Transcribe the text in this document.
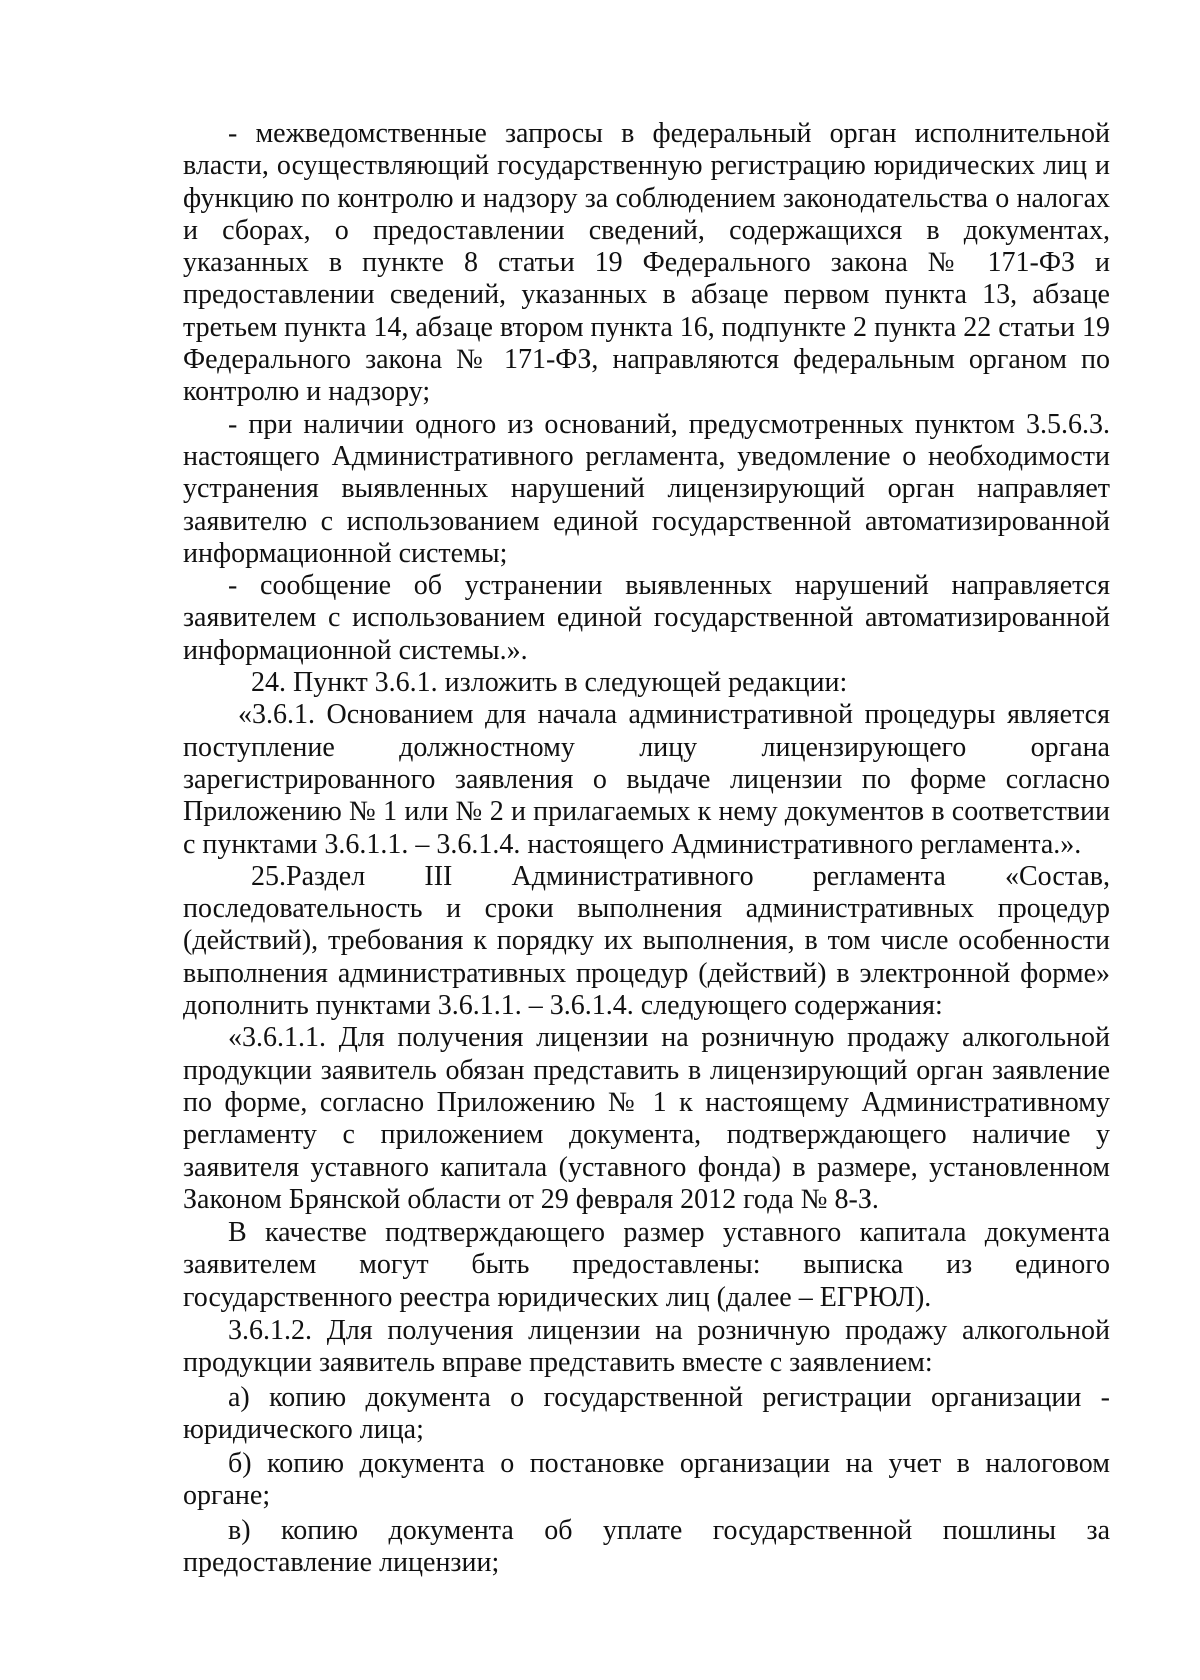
- межведомственные запросы в федеральный орган исполнительной власти, осуществляющий государственную регистрацию юридических лиц и функцию по контролю и надзору за соблюдением законодательства о налогах и сборах, о предоставлении сведений, содержащихся в документах, указанных в пункте 8 статьи 19 Федерального закона № 171-ФЗ и предоставлении сведений, указанных в абзаце первом пункта 13, абзаце третьем пункта 14, абзаце втором пункта 16, подпункте 2 пункта 22 статьи 19 Федерального закона № 171-ФЗ, направляются федеральным органом по контролю и надзору;

- при наличии одного из оснований, предусмотренных пунктом 3.5.6.3. настоящего Административного регламента, уведомление о необходимости устранения выявленных нарушений лицензирующий орган направляет заявителю с использованием единой государственной автоматизированной информационной системы;

- сообщение об устранении выявленных нарушений направляется заявителем с использованием единой государственной автоматизированной информационной системы.».

24. Пункт 3.6.1. изложить в следующей редакции:

«3.6.1. Основанием для начала административной процедуры является поступление должностному лицу лицензирующего органа зарегистрированного заявления о выдаче лицензии по форме согласно Приложению № 1 или № 2 и прилагаемых к нему документов в соответствии с пунктами 3.6.1.1. – 3.6.1.4. настоящего Административного регламента.».

25.Раздел III Административного регламента «Состав, последовательность и сроки выполнения административных процедур (действий), требования к порядку их выполнения, в том числе особенности выполнения административных процедур (действий) в электронной форме» дополнить пунктами 3.6.1.1. – 3.6.1.4. следующего содержания:

«3.6.1.1. Для получения лицензии на розничную продажу алкогольной продукции заявитель обязан представить в лицензирующий орган заявление по форме, согласно Приложению № 1 к настоящему Административному регламенту с приложением документа, подтверждающего наличие у заявителя уставного капитала (уставного фонда) в размере, установленном Законом Брянской области от 29 февраля 2012 года № 8-З.

В качестве подтверждающего размер уставного капитала документа заявителем могут быть предоставлены: выписка из единого государственного реестра юридических лиц (далее – ЕГРЮЛ).

3.6.1.2. Для получения лицензии на розничную продажу алкогольной продукции заявитель вправе представить вместе с заявлением:

а) копию документа о государственной регистрации организации - юридического лица;

б) копию документа о постановке организации на учет в налоговом органе;

в) копию документа об уплате государственной пошлины за предоставление лицензии;
